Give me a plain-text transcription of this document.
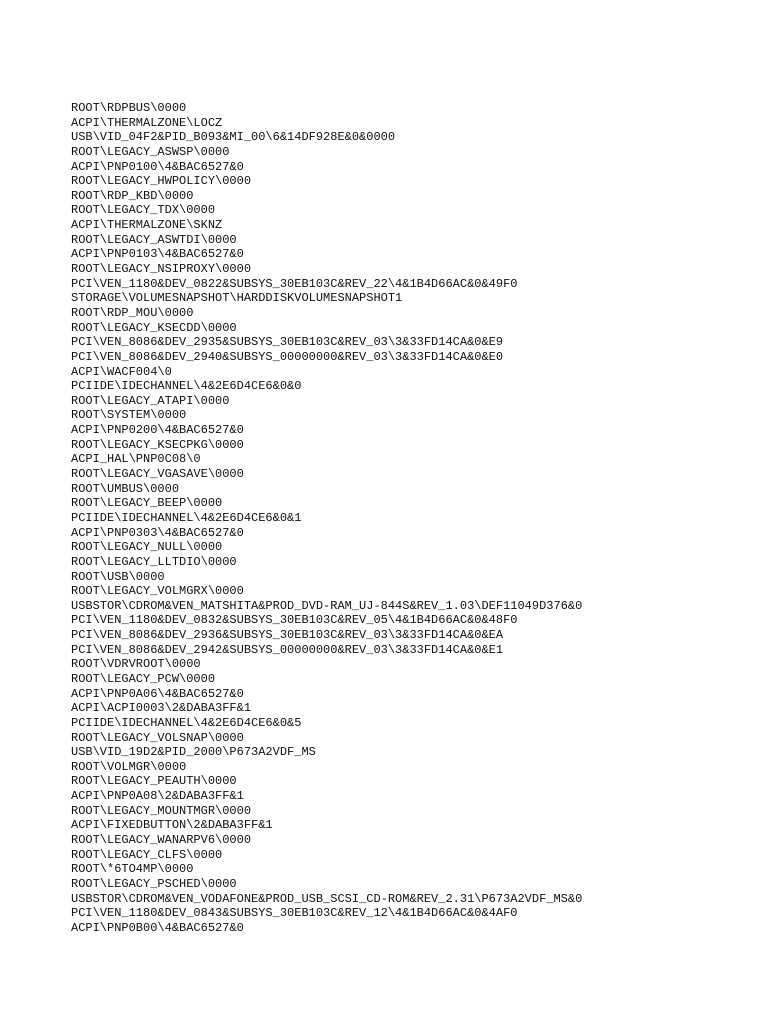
ROOT\RDPBUS\0000
ACPI\THERMALZONE\LOCZ
USB\VID_04F2&PID_B093&MI_00\6&14DF928E&0&0000
ROOT\LEGACY_ASWSP\0000
ACPI\PNP0100\4&BAC6527&0
ROOT\LEGACY_HWPOLICY\0000
ROOT\RDP_KBD\0000
ROOT\LEGACY_TDX\0000
ACPI\THERMALZONE\SKNZ
ROOT\LEGACY_ASWTDI\0000
ACPI\PNP0103\4&BAC6527&0
ROOT\LEGACY_NSIPROXY\0000
PCI\VEN_1180&DEV_0822&SUBSYS_30EB103C&REV_22\4&1B4D66AC&0&49F0
STORAGE\VOLUMESNAPSHOT\HARDDISKVOLUMESNAPSHOT1
ROOT\RDP_MOU\0000
ROOT\LEGACY_KSECDD\0000
PCI\VEN_8086&DEV_2935&SUBSYS_30EB103C&REV_03\3&33FD14CA&0&E9
PCI\VEN_8086&DEV_2940&SUBSYS_00000000&REV_03\3&33FD14CA&0&E0
ACPI\WACF004\0
PCIIDE\IDECHANNEL\4&2E6D4CE6&0&0
ROOT\LEGACY_ATAPI\0000
ROOT\SYSTEM\0000
ACPI\PNP0200\4&BAC6527&0
ROOT\LEGACY_KSECPKG\0000
ACPI_HAL\PNP0C08\0
ROOT\LEGACY_VGASAVE\0000
ROOT\UMBUS\0000
ROOT\LEGACY_BEEP\0000
PCIIDE\IDECHANNEL\4&2E6D4CE6&0&1
ACPI\PNP0303\4&BAC6527&0
ROOT\LEGACY_NULL\0000
ROOT\LEGACY_LLTDIO\0000
ROOT\USB\0000
ROOT\LEGACY_VOLMGRX\0000
USBSTOR\CDROM&VEN_MATSHITA&PROD_DVD-RAM_UJ-844S&REV_1.03\DEF11049D376&0
PCI\VEN_1180&DEV_0832&SUBSYS_30EB103C&REV_05\4&1B4D66AC&0&48F0
PCI\VEN_8086&DEV_2936&SUBSYS_30EB103C&REV_03\3&33FD14CA&0&EA
PCI\VEN_8086&DEV_2942&SUBSYS_00000000&REV_03\3&33FD14CA&0&E1
ROOT\VDRVROOT\0000
ROOT\LEGACY_PCW\0000
ACPI\PNP0A06\4&BAC6527&0
ACPI\ACPI0003\2&DABA3FF&1
PCIIDE\IDECHANNEL\4&2E6D4CE6&0&5
ROOT\LEGACY_VOLSNAP\0000
USB\VID_19D2&PID_2000\P673A2VDF_MS
ROOT\VOLMGR\0000
ROOT\LEGACY_PEAUTH\0000
ACPI\PNP0A08\2&DABA3FF&1
ROOT\LEGACY_MOUNTMGR\0000
ACPI\FIXEDBUTTON\2&DABA3FF&1
ROOT\LEGACY_WANARPV6\0000
ROOT\LEGACY_CLFS\0000
ROOT\*6TO4MP\0000
ROOT\LEGACY_PSCHED\0000
USBSTOR\CDROM&VEN_VODAFONE&PROD_USB_SCSI_CD-ROM&REV_2.31\P673A2VDF_MS&0
PCI\VEN_1180&DEV_0843&SUBSYS_30EB103C&REV_12\4&1B4D66AC&0&4AF0
ACPI\PNP0B00\4&BAC6527&0
